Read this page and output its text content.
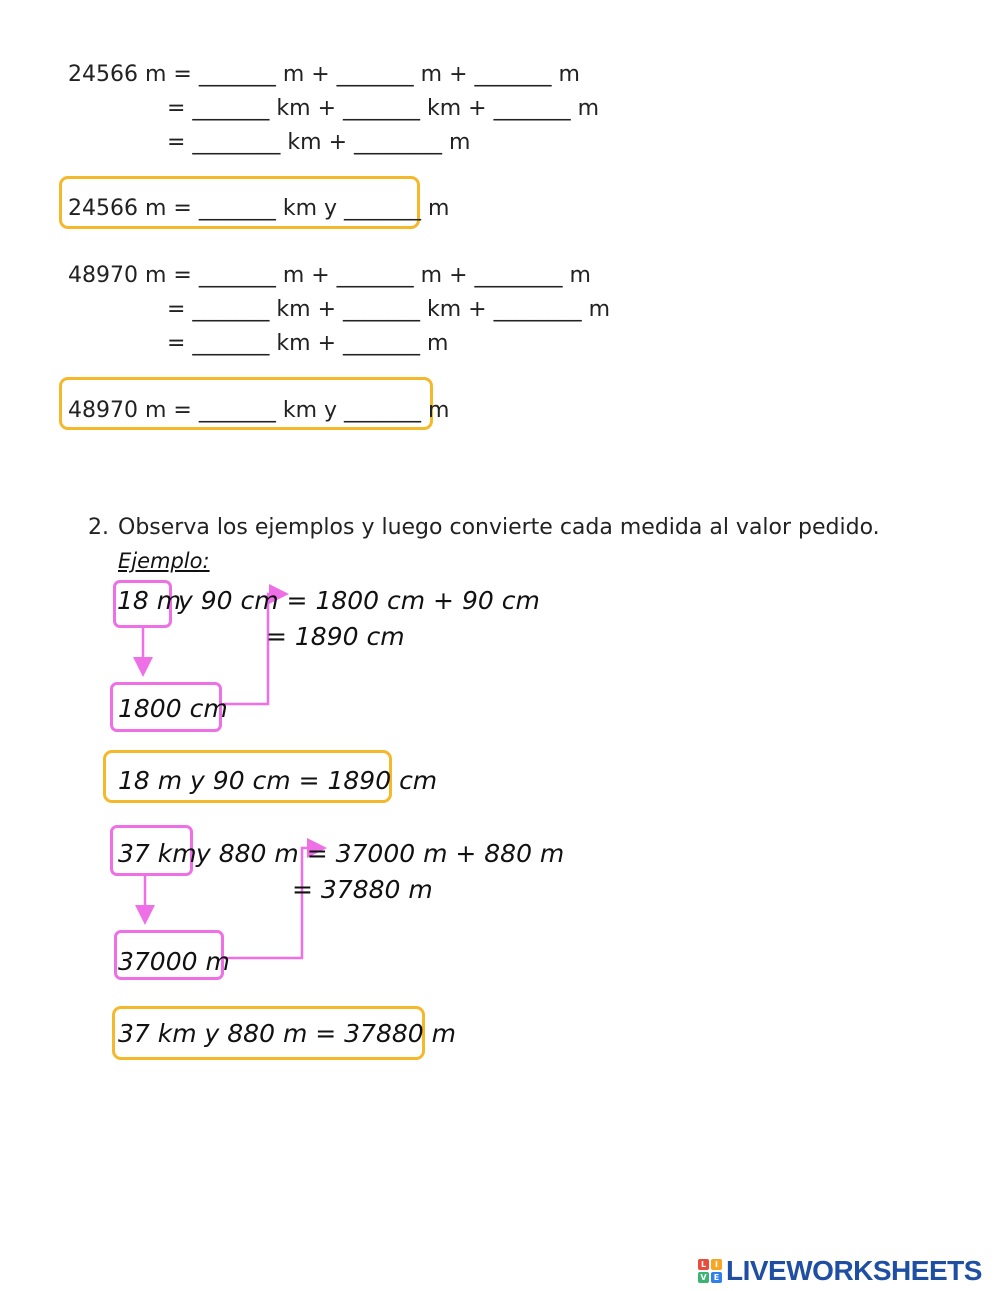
24566 m = _______ m + _______ m + _______ m
= _______ km + _______ km + _______ m
= ________ km + ________ m
24566 m = _______ km y _______ m
48970 m = _______ m + _______ m + ________ m
= _______ km + _______ km + ________ m
= _______ km + _______ m
48970 m = _______ km y _______ m
2. Observa los ejemplos y luego convierte cada medida al valor pedido.
Ejemplo:
18 m
y 90 cm = 1800 cm + 90 cm
= 1890 cm
1800 cm
18 m y 90 cm = 1890 cm
37 km y 880 m = 37000 m + 880 m
= 37880 m
37000 m
37 km y 880 m = 37880 m
L	I
V E LIVEWORKSHEETS
